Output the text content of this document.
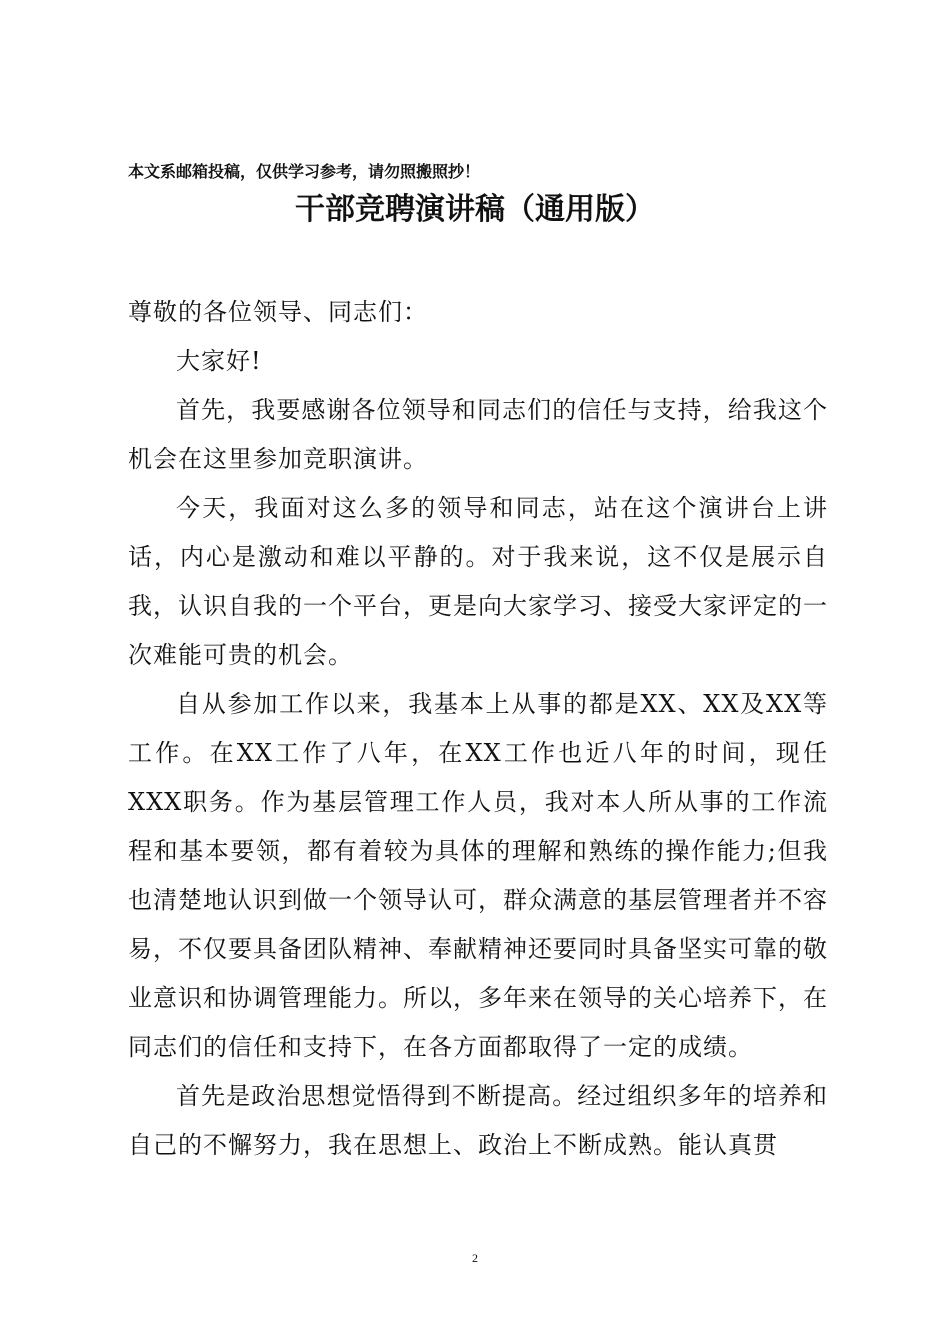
本文系邮箱投稿，仅供学习参考，请勿照搬照抄！
干部竞聘演讲稿（通用版）

尊敬的各位领导、同志们：

大家好!

首先，我要感谢各位领导和同志们的信任与支持，给我这个机会在这里参加竞职演讲。

今天，我面对这么多的领导和同志，站在这个演讲台上讲话，内心是激动和难以平静的。对于我来说，这不仅是展示自我，认识自我的一个平台，更是向大家学习、接受大家评定的一次难能可贵的机会。

自从参加工作以来，我基本上从事的都是XX、XX及XX等工作。在XX工作了八年，在XX工作也近八年的时间，现任XXX职务。作为基层管理工作人员，我对本人所从事的工作流程和基本要领，都有着较为具体的理解和熟练的操作能力;但我也清楚地认识到做一个领导认可，群众满意的基层管理者并不容易，不仅要具备团队精神、奉献精神还要同时具备坚实可靠的敬业意识和协调管理能力。所以，多年来在领导的关心培养下，在同志们的信任和支持下，在各方面都取得了一定的成绩。

首先是政治思想觉悟得到不断提高。经过组织多年的培养和自己的不懈努力，我在思想上、政治上不断成熟。能认真贯

2
